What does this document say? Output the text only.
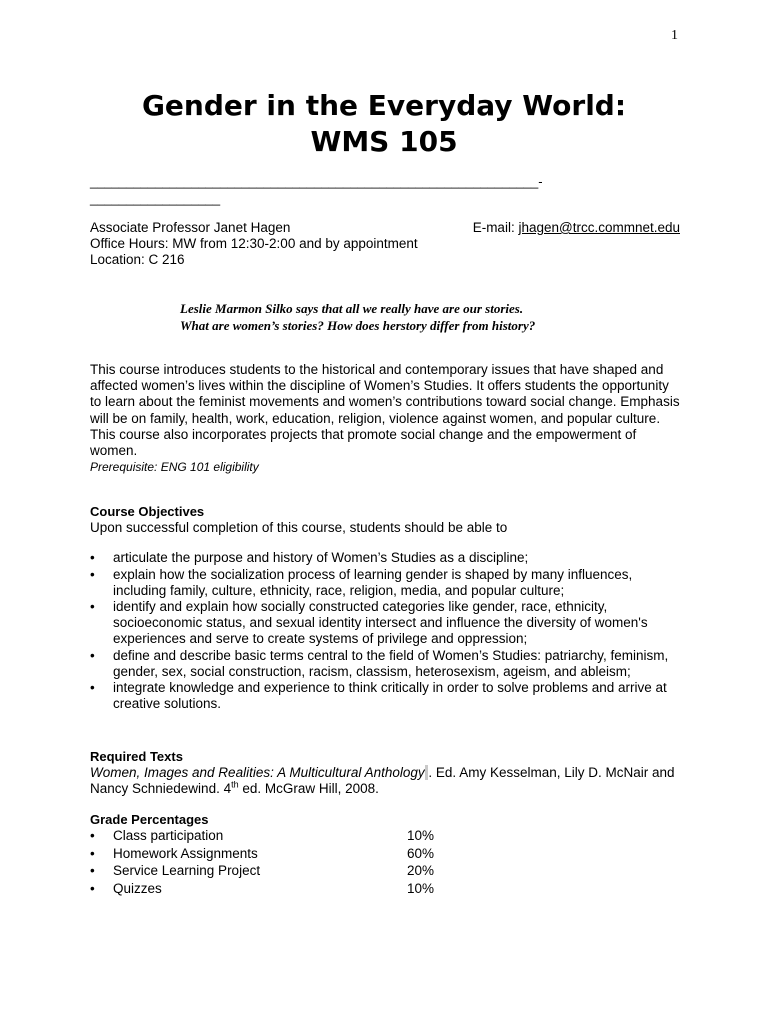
1
Gender in the Everyday World:
WMS 105
______________________________________________________________-
__________________
Associate Professor Janet Hagen	E-mail: jhagen@trcc.commnet.edu
Office Hours: MW from 12:30-2:00 and by appointment
Location: C 216
Leslie Marmon Silko says that all we really have are our stories.
What are women’s stories? How does herstory differ from history?

This course introduces students to the historical and contemporary issues that have shaped and affected women’s lives within the discipline of Women’s Studies. It offers students the opportunity to learn about the feminist movements and women’s contributions toward social change. Emphasis will be on family, health, work, education, religion, violence against women, and popular culture. This course also incorporates projects that promote social change and the empowerment of women.

Prerequisite: ENG 101 eligibility

Course Objectives

Upon successful completion of this course, students should be able to
• articulate the purpose and history of Women’s Studies as a discipline;
• explain how the socialization process of learning gender is shaped by many influences, including family, culture, ethnicity, race, religion, media, and popular culture;
• identify and explain how socially constructed categories like gender, race, ethnicity, socioeconomic status, and sexual identity intersect and influence the diversity of women's experiences and serve to create systems of privilege and oppression;
• define and describe basic terms central to the field of Women’s Studies: patriarchy, feminism, gender, sex, social construction, racism, classism, heterosexism, ageism, and ableism;
• integrate knowledge and experience to think critically in order to solve problems and arrive at creative solutions.

Required Texts

Women, Images and Realities: A Multicultural Anthology . Ed. Amy Kesselman, Lily D. McNair and Nancy Schniedewind. 4th ed. McGraw Hill, 2008.

Grade Percentages

• Class participation	10%
• Homework Assignments	60%
• Service Learning Project	20%
• Quizzes	10%
